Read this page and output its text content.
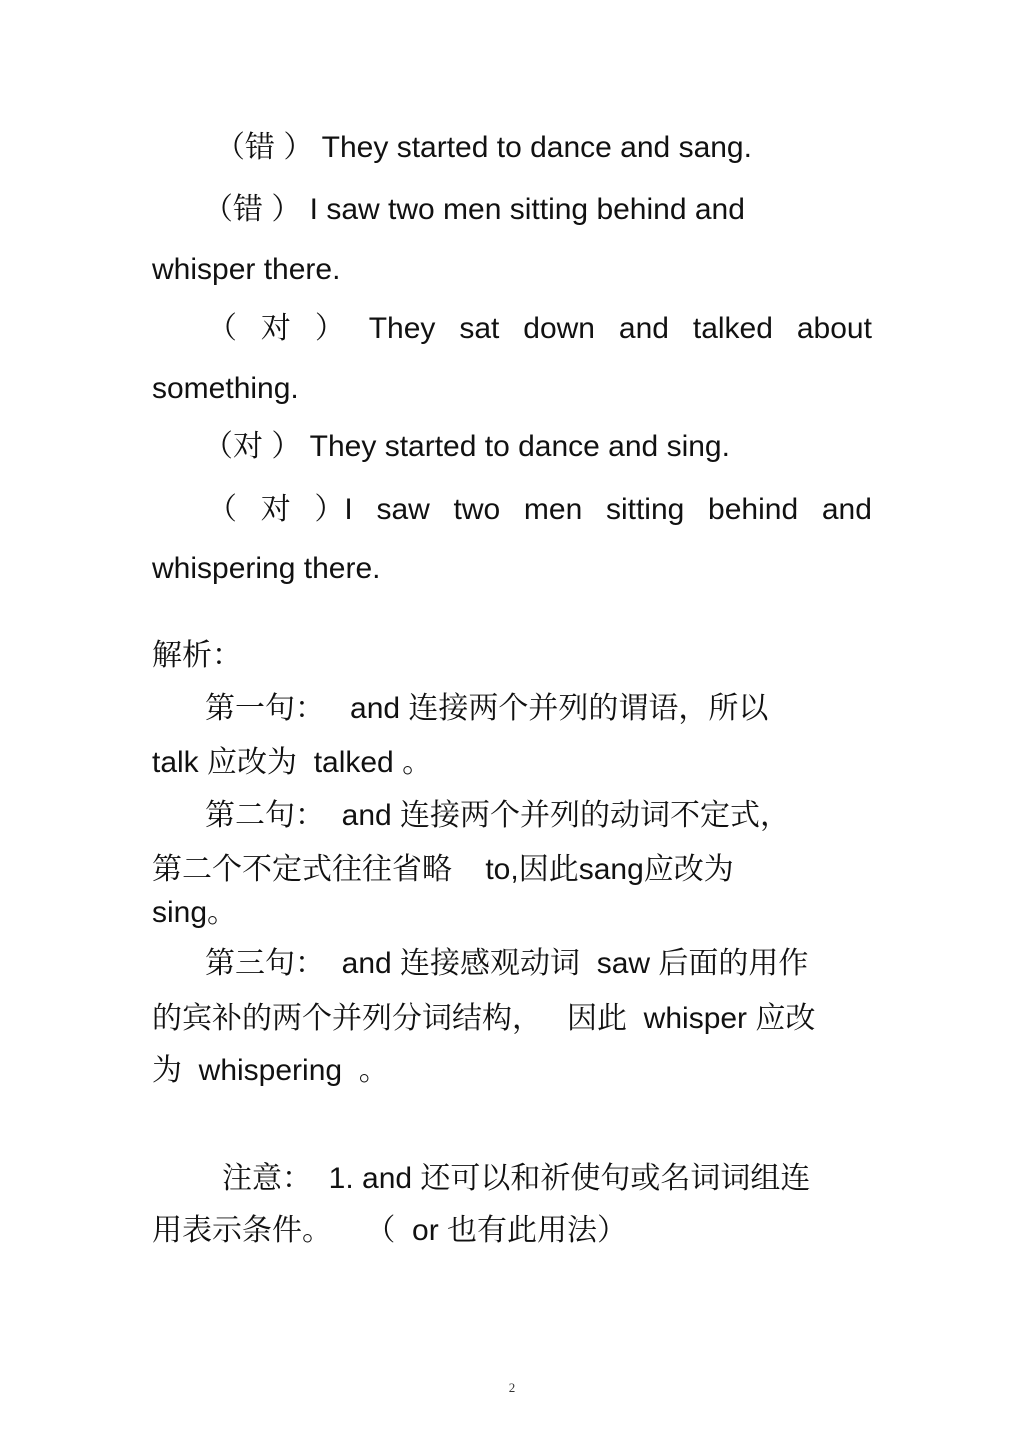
（错 ） They started to dance and sang.
（错 ） I saw two men sitting behind and
whisper there.
（ 对 ） They sat down and talked about
something.
（对 ） They started to dance and sing.
（ 对 ）I saw two men sitting behind and
whispering there.
解析：
第一句：   and 连接两个并列的谓语，所以
talk 应改为  talked 。
第二句：  and 连接两个并列的动词不定式，
第二个不定式往往省略    to,因此sang应改为
sing。
第三句：  and 连接感观动词  saw 后面的用作
的宾补的两个并列分词结构，   因此  whisper 应改
为  whispering  。
注意：  1. and 还可以和祈使句或名词词组连
用表示条件。    （  or 也有此用法）
2
